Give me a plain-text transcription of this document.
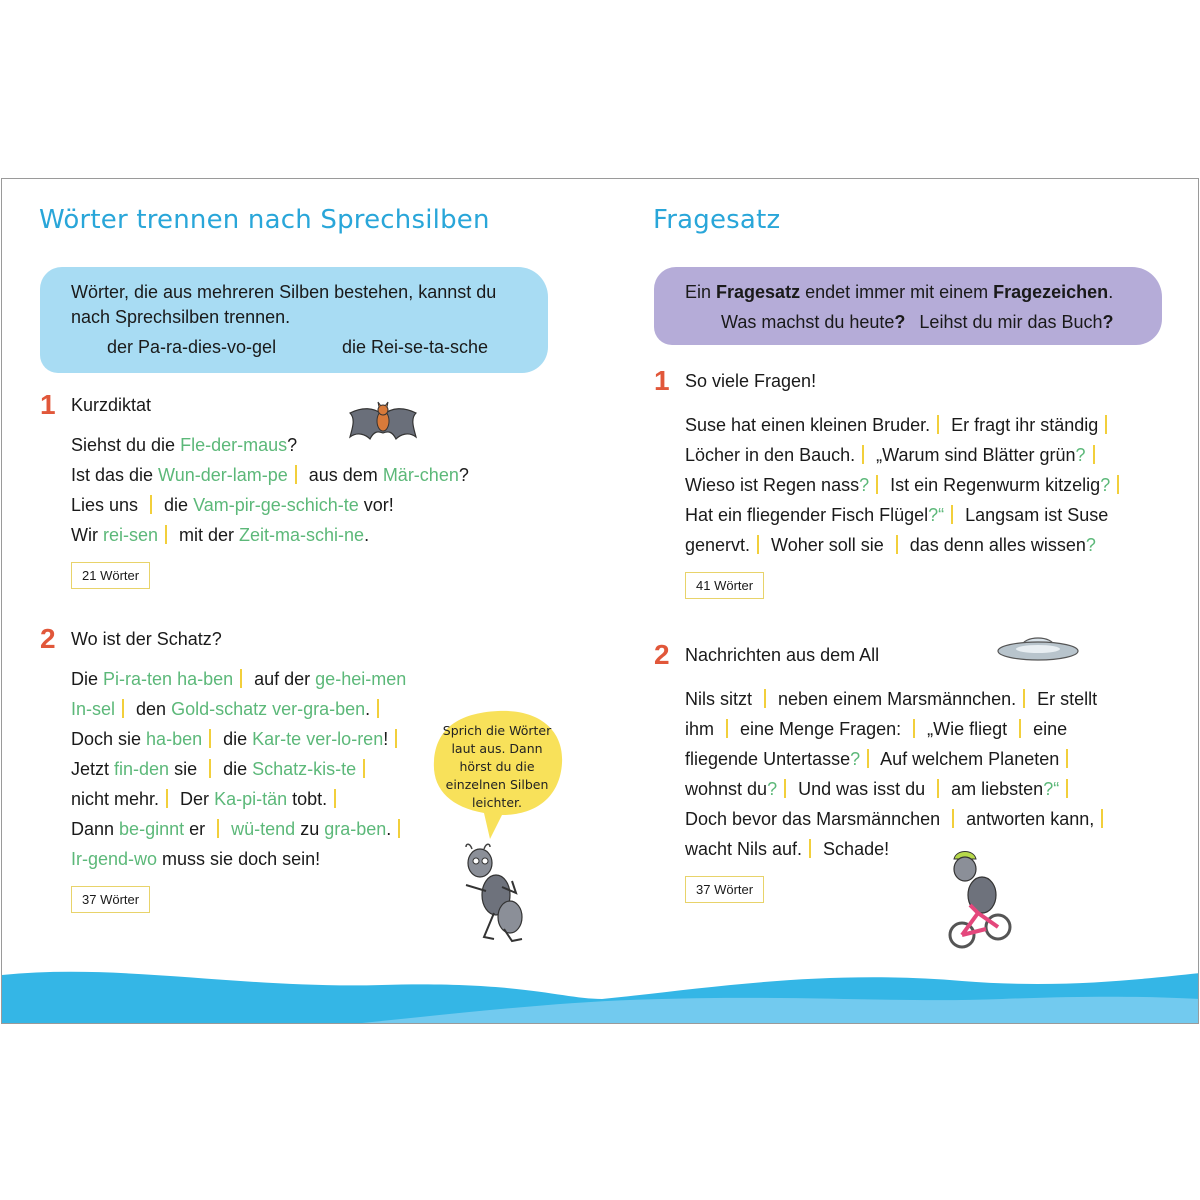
Wörter trennen nach Sprechsilben
Wörter, die aus mehreren Silben bestehen, kannst du
nach Sprechsilben trennen.
der Pa-ra-dies-vo-gel	die Rei-se-ta-sche
1 Kurzdiktat
Siehst du die Fle-der-maus?
Ist das die Wun-der-lam-pe aus dem Mär-chen?
Lies uns  die Vam-pir-ge-schich-te vor!
Wir rei-sen mit der Zeit-ma-schi-ne.
21 Wörter
2 Wo ist der Schatz?
Die Pi-ra-ten ha-ben auf der ge-hei-men
In-sel den Gold-schatz ver-gra-ben.
Doch sie ha-ben die Kar-te ver-lo-ren!
Jetzt fin-den sie  die Schatz-kis-te
nicht mehr. Der Ka-pi-tän tobt.
Dann be-ginnt er  wü-tend zu gra-ben.
Ir-gend-wo muss sie doch sein!
37 Wörter
Sprich die Wörter laut aus. Dann hörst du die einzelnen Silben leichter.
Fragesatz
Ein Fragesatz endet immer mit einem Fragezeichen.
Was machst du heute? Leihst du mir das Buch?
1 So viele Fragen!
Suse hat einen kleinen Bruder. Er fragt ihr ständig
Löcher in den Bauch. „Warum sind Blätter grün?
Wieso ist Regen nass? Ist ein Regenwurm kitzelig?
Hat ein fliegender Fisch Flügel?“ Langsam ist Suse
genervt. Woher soll sie  das denn alles wissen?
41 Wörter
2 Nachrichten aus dem All
Nils sitzt  neben einem Marsmännchen. Er stellt
ihm  eine Menge Fragen:  „Wie fliegt  eine
fliegende Untertasse? Auf welchem Planeten
wohnst du? Und was isst du  am liebsten?“
Doch bevor das Marsmännchen  antworten kann,
wacht Nils auf. Schade!
37 Wörter
